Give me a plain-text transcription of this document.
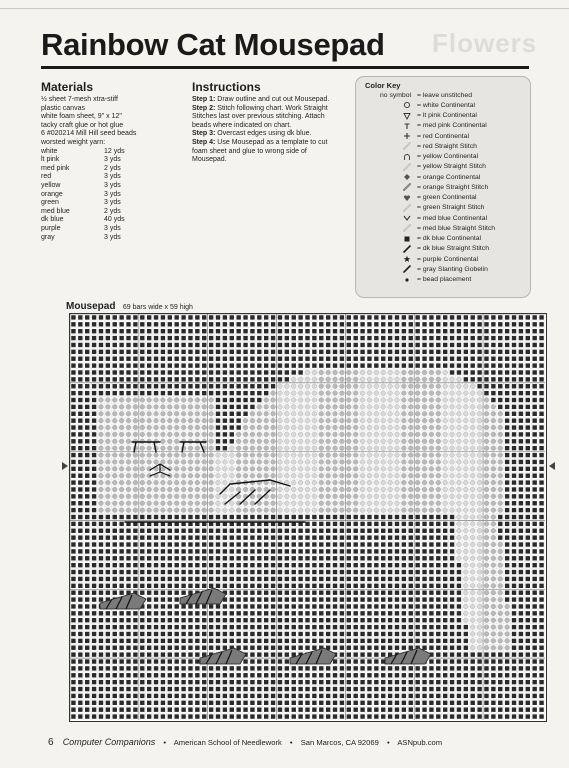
Flowers
Rainbow Cat Mousepad
Materials
½ sheet 7-mesh xtra-stiff
plastic canvas
white foam sheet, 9" x 12"
tacky craft glue or hot glue
6 #020214 Mill Hill seed beads
worsted weight yarn:
white	12 yds
lt pink	3 yds
med pink	2 yds
red	3 yds
yellow	3 yds
orange	3 yds
green	3 yds
med blue	2 yds
dk blue	40 yds
purple	3 yds
gray	3 yds
Instructions

Step 1: Draw outline and cut out Mousepad.

Step 2: Stitch following chart. Work Straight Stitches last over previous stitching. Attach beads where indicated on chart.

Step 3: Overcast edges using dk blue.

Step 4: Use Mousepad as a template to cut foam sheet and glue to wrong side of Mousepad.

Color Key
no symbol = leave unstitched
= white Continental
= lt pink Continental
= med pink Continental
= red Continental
= red Straight Stitch
= yellow Continental
= yellow Straight Stitch
= orange Continental
= orange Straight Stitch
= green Continental
= green Straight Stitch
= med blue Continental
= med blue Straight Stitch
= dk blue Continental
= dk blue Straight Stitch
= purple Continental
= gray Slanting Gobelin
= bead placement
Mousepad 69 bars wide x 59 high
6 Computer Companions • American School of Needlework • San Marcos, CA 92069 • ASNpub.com
